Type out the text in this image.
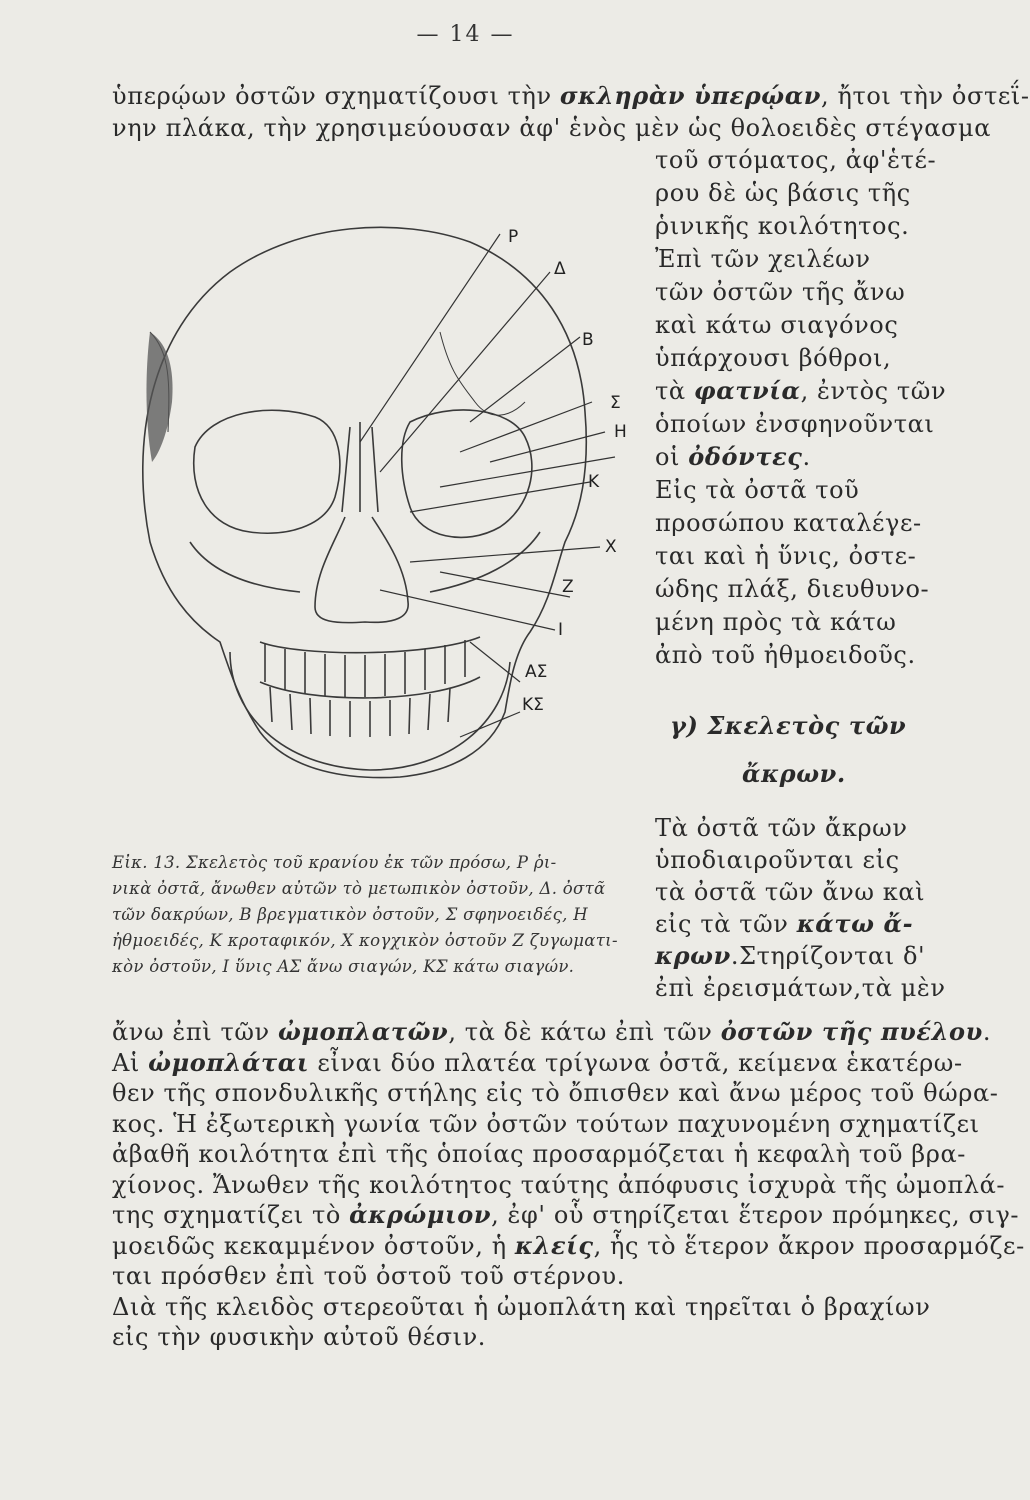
— 14 —
ὑπερῴων ὀστῶν σχηματίζουσι τὴν σκληρὰν ὑπερῴαν, ἤτοι τὴν ὀστεΐ-
νην πλάκα, τὴν χρησιμεύουσαν ἀφ' ἑνὸς μὲν ὡς θολοειδὲς στέγασμα
τοῦ στόματος, ἀφ'ἑτέ-
ρου δὲ ὡς βάσις τῆς
ῥινικῆς κοιλότητος.
Ἐπὶ τῶν χειλέων
τῶν ὀστῶν τῆς ἄνω
καὶ κάτω σιαγόνος
ὑπάρχουσι βόθροι,
τὰ φατνία, ἐντὸς τῶν
ὁποίων ἐνσφηνοῦνται
οἱ ὀδόντες.
Εἰς τὰ ὀστᾶ τοῦ
προσώπου καταλέγε-
ται καὶ ἡ ὕνις, ὀστε-
ώδης πλάξ, διευθυνο-
μένη πρὸς τὰ κάτω
ἀπὸ τοῦ ἠθμοειδοῦς.
γ) Σκελετὸς τῶν
ἄκρων.
Τὰ ὀστᾶ τῶν ἄκρων
ὑποδιαιροῦνται εἰς
τὰ ὀστᾶ τῶν ἄνω καὶ
εἰς τὰ τῶν κάτω ἄ-
κρων.Στηρίζονται δ'
ἐπὶ ἐρεισμάτων,τὰ μὲν
Ρ
Δ
Β
Σ
Η
Κ
Χ
Ζ
Ι
ΑΣ
ΚΣ

Εἰκ. 13. Σκελετὸς τοῦ κρανίου ἐκ τῶν πρόσω, Ρ ῥι-

νικὰ ὀστᾶ, ἄνωθεν αὐτῶν τὸ μετωπικὸν ὀστοῦν, Δ. ὀστᾶ

τῶν δακρύων, Β βρεγματικὸν ὀστοῦν, Σ σφηνοειδές, Η

ἠθμοειδές, Κ κροταφικόν, Χ κογχικὸν ὀστοῦν Ζ ζυγωματι-

κὸν ὀστοῦν, Ι ὕνις ΑΣ ἄνω σιαγών, ΚΣ κάτω σιαγών.

ἄνω ἐπὶ τῶν ὠμοπλατῶν, τὰ δὲ κάτω ἐπὶ τῶν ὀστῶν τῆς πυέλου.
Αἱ ὠμοπλάται εἶναι δύο πλατέα τρίγωνα ὀστᾶ, κείμενα ἑκατέρω-
θεν τῆς σπονδυλικῆς στήλης εἰς τὸ ὄπισθεν καὶ ἄνω μέρος τοῦ θώρα-
κος. Ἡ ἐξωτερικὴ γωνία τῶν ὀστῶν τούτων παχυνομένη σχηματίζει
ἀβαθῆ κοιλότητα ἐπὶ τῆς ὁποίας προσαρμόζεται ἡ κεφαλὴ τοῦ βρα-
χίονος. Ἄνωθεν τῆς κοιλότητος ταύτης ἀπόφυσις ἰσχυρὰ τῆς ὠμοπλά-
της σχηματίζει τὸ ἀκρώμιον, ἐφ' οὗ στηρίζεται ἕτερον πρόμηκες, σιγ-
μοειδῶς κεκαμμένον ὀστοῦν, ἡ κλείς, ἧς τὸ ἕτερον ἄκρον προσαρμόζε-
ται πρόσθεν ἐπὶ τοῦ ὀστοῦ τοῦ στέρνου.
Διὰ τῆς κλειδὸς στερεοῦται ἡ ὠμοπλάτη καὶ τηρεῖται ὁ βραχίων
εἰς τὴν φυσικὴν αὐτοῦ θέσιν.
